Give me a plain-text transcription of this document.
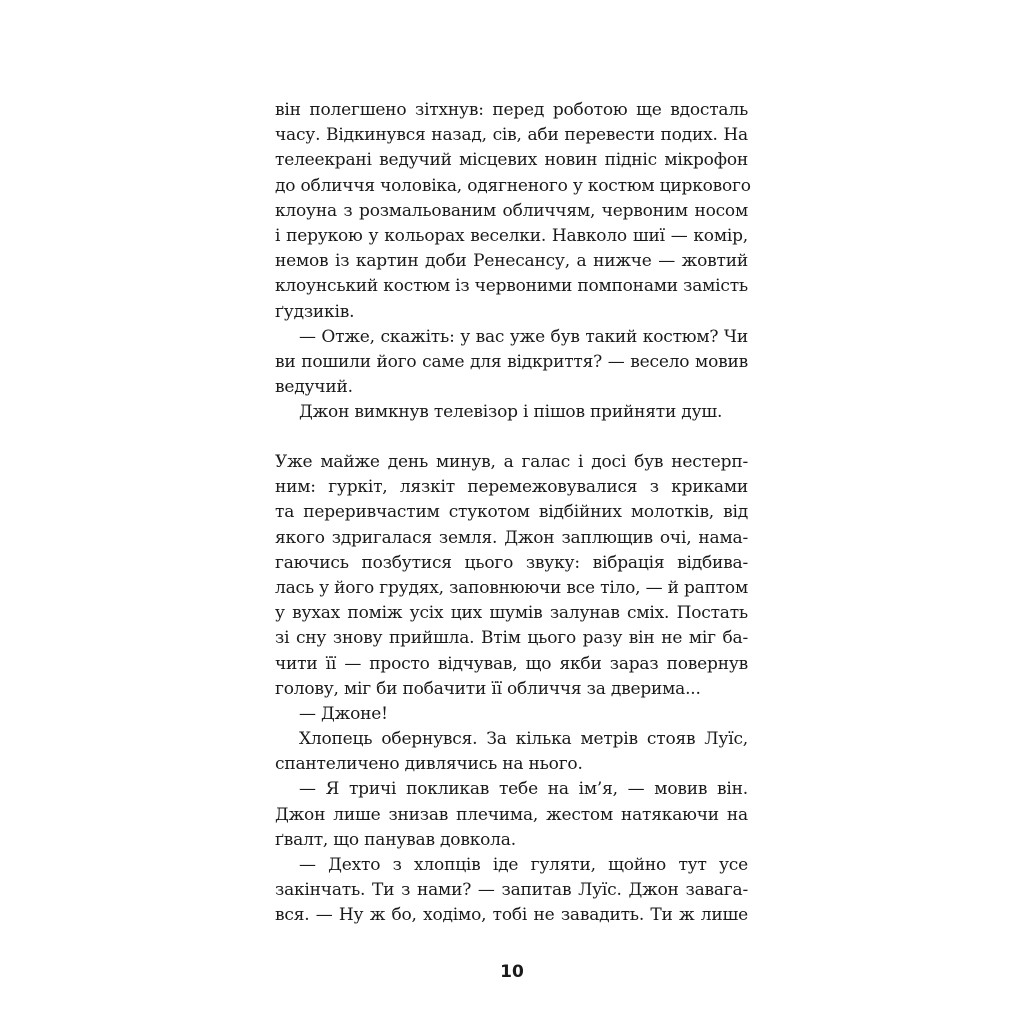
він полегшено зітхнув: перед роботою ще вдосталь
часу. Відкинувся назад, сів, аби перевести подих. На
телеекрані ведучий місцевих новин підніс мікрофон
до обличчя чоловіка, одягненого у костюм циркового
клоуна з розмальованим обличчям, червоним носом
і перукою у кольорах веселки. Навколо шиї — комір,
немов із картин доби Ренесансу, а нижче — жовтий
клоунський костюм із червоними помпонами замість
ґудзиків.
— Отже, скажіть: у вас уже був такий костюм? Чи
ви пошили його саме для відкриття? — весело мовив
ведучий.
Джон вимкнув телевізор і пішов прийняти душ.
Уже майже день минув, а галас і досі був нестерп-
ним: гуркіт, лязкіт перемежовувалися з криками
та переривчастим стукотом відбійних молотків, від
якого здригалася земля. Джон заплющив очі, нама-
гаючись позбутися цього звуку: вібрація відбива-
лась у його грудях, заповнюючи все тіло, — й раптом
у вухах поміж усіх цих шумів залунав сміх. Постать
зі сну знову прийшла. Втім цього разу він не міг ба-
чити її — просто відчував, що якби зараз повернув
голову, міг би побачити її обличчя за дверима...
— Джоне!
Хлопець обернувся. За кілька метрів стояв Луїс,
спантеличено дивлячись на нього.
— Я тричі покликав тебе на ім’я, — мовив він.
Джон лише знизав плечима, жестом натякаючи на
ґвалт, що панував довкола.
— Дехто з хлопців іде гуляти, щойно тут усе
закінчать. Ти з нами? — запитав Луїс. Джон завага-
вся. — Ну ж бо, ходімо, тобі не завадить. Ти ж лише
10
